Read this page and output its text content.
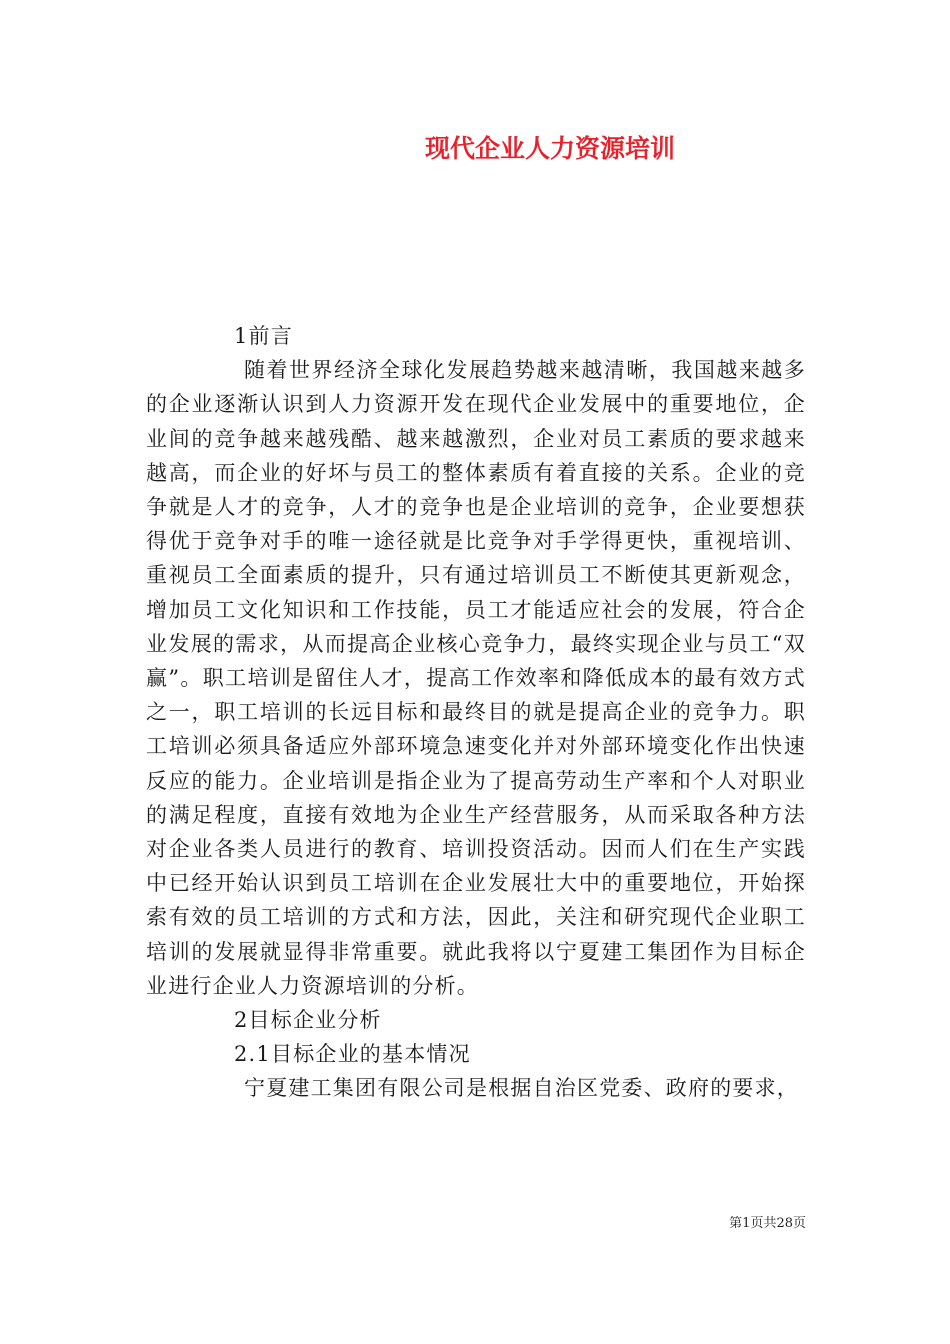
现代企业人力资源培训

1前言

随着世界经济全球化发展趋势越来越清晰，我国越来越多的企业逐渐认识到人力资源开发在现代企业发展中的重要地位，企业间的竞争越来越残酷、越来越激烈，企业对员工素质的要求越来越高，而企业的好坏与员工的整体素质有着直接的关系。企业的竞争就是人才的竞争，人才的竞争也是企业培训的竞争，企业要想获得优于竞争对手的唯一途径就是比竞争对手学得更快，重视培训、重视员工全面素质的提升，只有通过培训员工不断使其更新观念，增加员工文化知识和工作技能，员工才能适应社会的发展，符合企业发展的需求，从而提高企业核心竞争力，最终实现企业与员工“双赢”。职工培训是留住人才，提高工作效率和降低成本的最有效方式之一，职工培训的长远目标和最终目的就是提高企业的竞争力。职工培训必须具备适应外部环境急速变化并对外部环境变化作出快速反应的能力。企业培训是指企业为了提高劳动生产率和个人对职业的满足程度，直接有效地为企业生产经营服务，从而采取各种方法对企业各类人员进行的教育、培训投资活动。因而人们在生产实践中已经开始认识到员工培训在企业发展壮大中的重要地位，开始探索有效的员工培训的方式和方法，因此，关注和研究现代企业职工培训的发展就显得非常重要。就此我将以宁夏建工集团作为目标企业进行企业人力资源培训的分析。

2目标企业分析

2.1目标企业的基本情况

宁夏建工集团有限公司是根据自治区党委、政府的要求，

第1页共28页
